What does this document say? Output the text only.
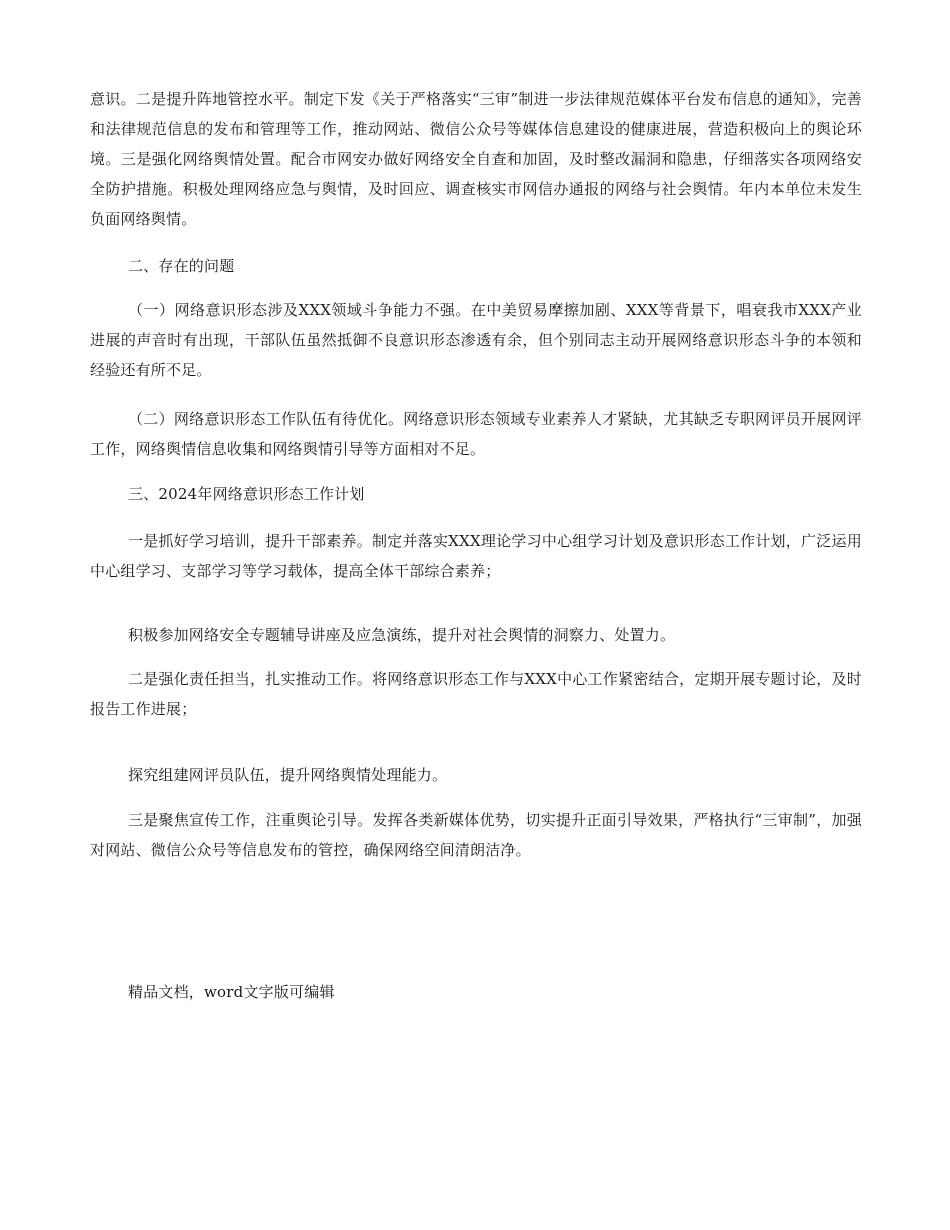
意识。二是提升阵地管控水平。制定下发《关于严格落实“三审”制进一步法律规范媒体平台发布信息的通知》，完善和法律规范信息的发布和管理等工作，推动网站、微信公众号等媒体信息建设的健康进展，营造积极向上的舆论环境。三是强化网络舆情处置。配合市网安办做好网络安全自查和加固，及时整改漏洞和隐患，仔细落实各项网络安全防护措施。积极处理网络应急与舆情，及时回应、调查核实市网信办通报的网络与社会舆情。年内本单位未发生负面网络舆情。

二、存在的问题

（一）网络意识形态涉及XXX领域斗争能力不强。在中美贸易摩擦加剧、XXX等背景下，唱衰我市XXX产业进展的声音时有出现，干部队伍虽然抵御不良意识形态渗透有余，但个别同志主动开展网络意识形态斗争的本领和经验还有所不足。

（二）网络意识形态工作队伍有待优化。网络意识形态领域专业素养人才紧缺，尤其缺乏专职网评员开展网评工作，网络舆情信息收集和网络舆情引导等方面相对不足。

三、2024年网络意识形态工作计划

一是抓好学习培训，提升干部素养。制定并落实XXX理论学习中心组学习计划及意识形态工作计划，广泛运用中心组学习、支部学习等学习载体，提高全体干部综合素养；

积极参加网络安全专题辅导讲座及应急演练，提升对社会舆情的洞察力、处置力。

二是强化责任担当，扎实推动工作。将网络意识形态工作与XXX中心工作紧密结合，定期开展专题讨论，及时报告工作进展；

探究组建网评员队伍，提升网络舆情处理能力。

三是聚焦宣传工作，注重舆论引导。发挥各类新媒体优势，切实提升正面引导效果，严格执行“三审制”，加强对网站、微信公众号等信息发布的管控，确保网络空间清朗洁净。

精品文档，word文字版可编辑
